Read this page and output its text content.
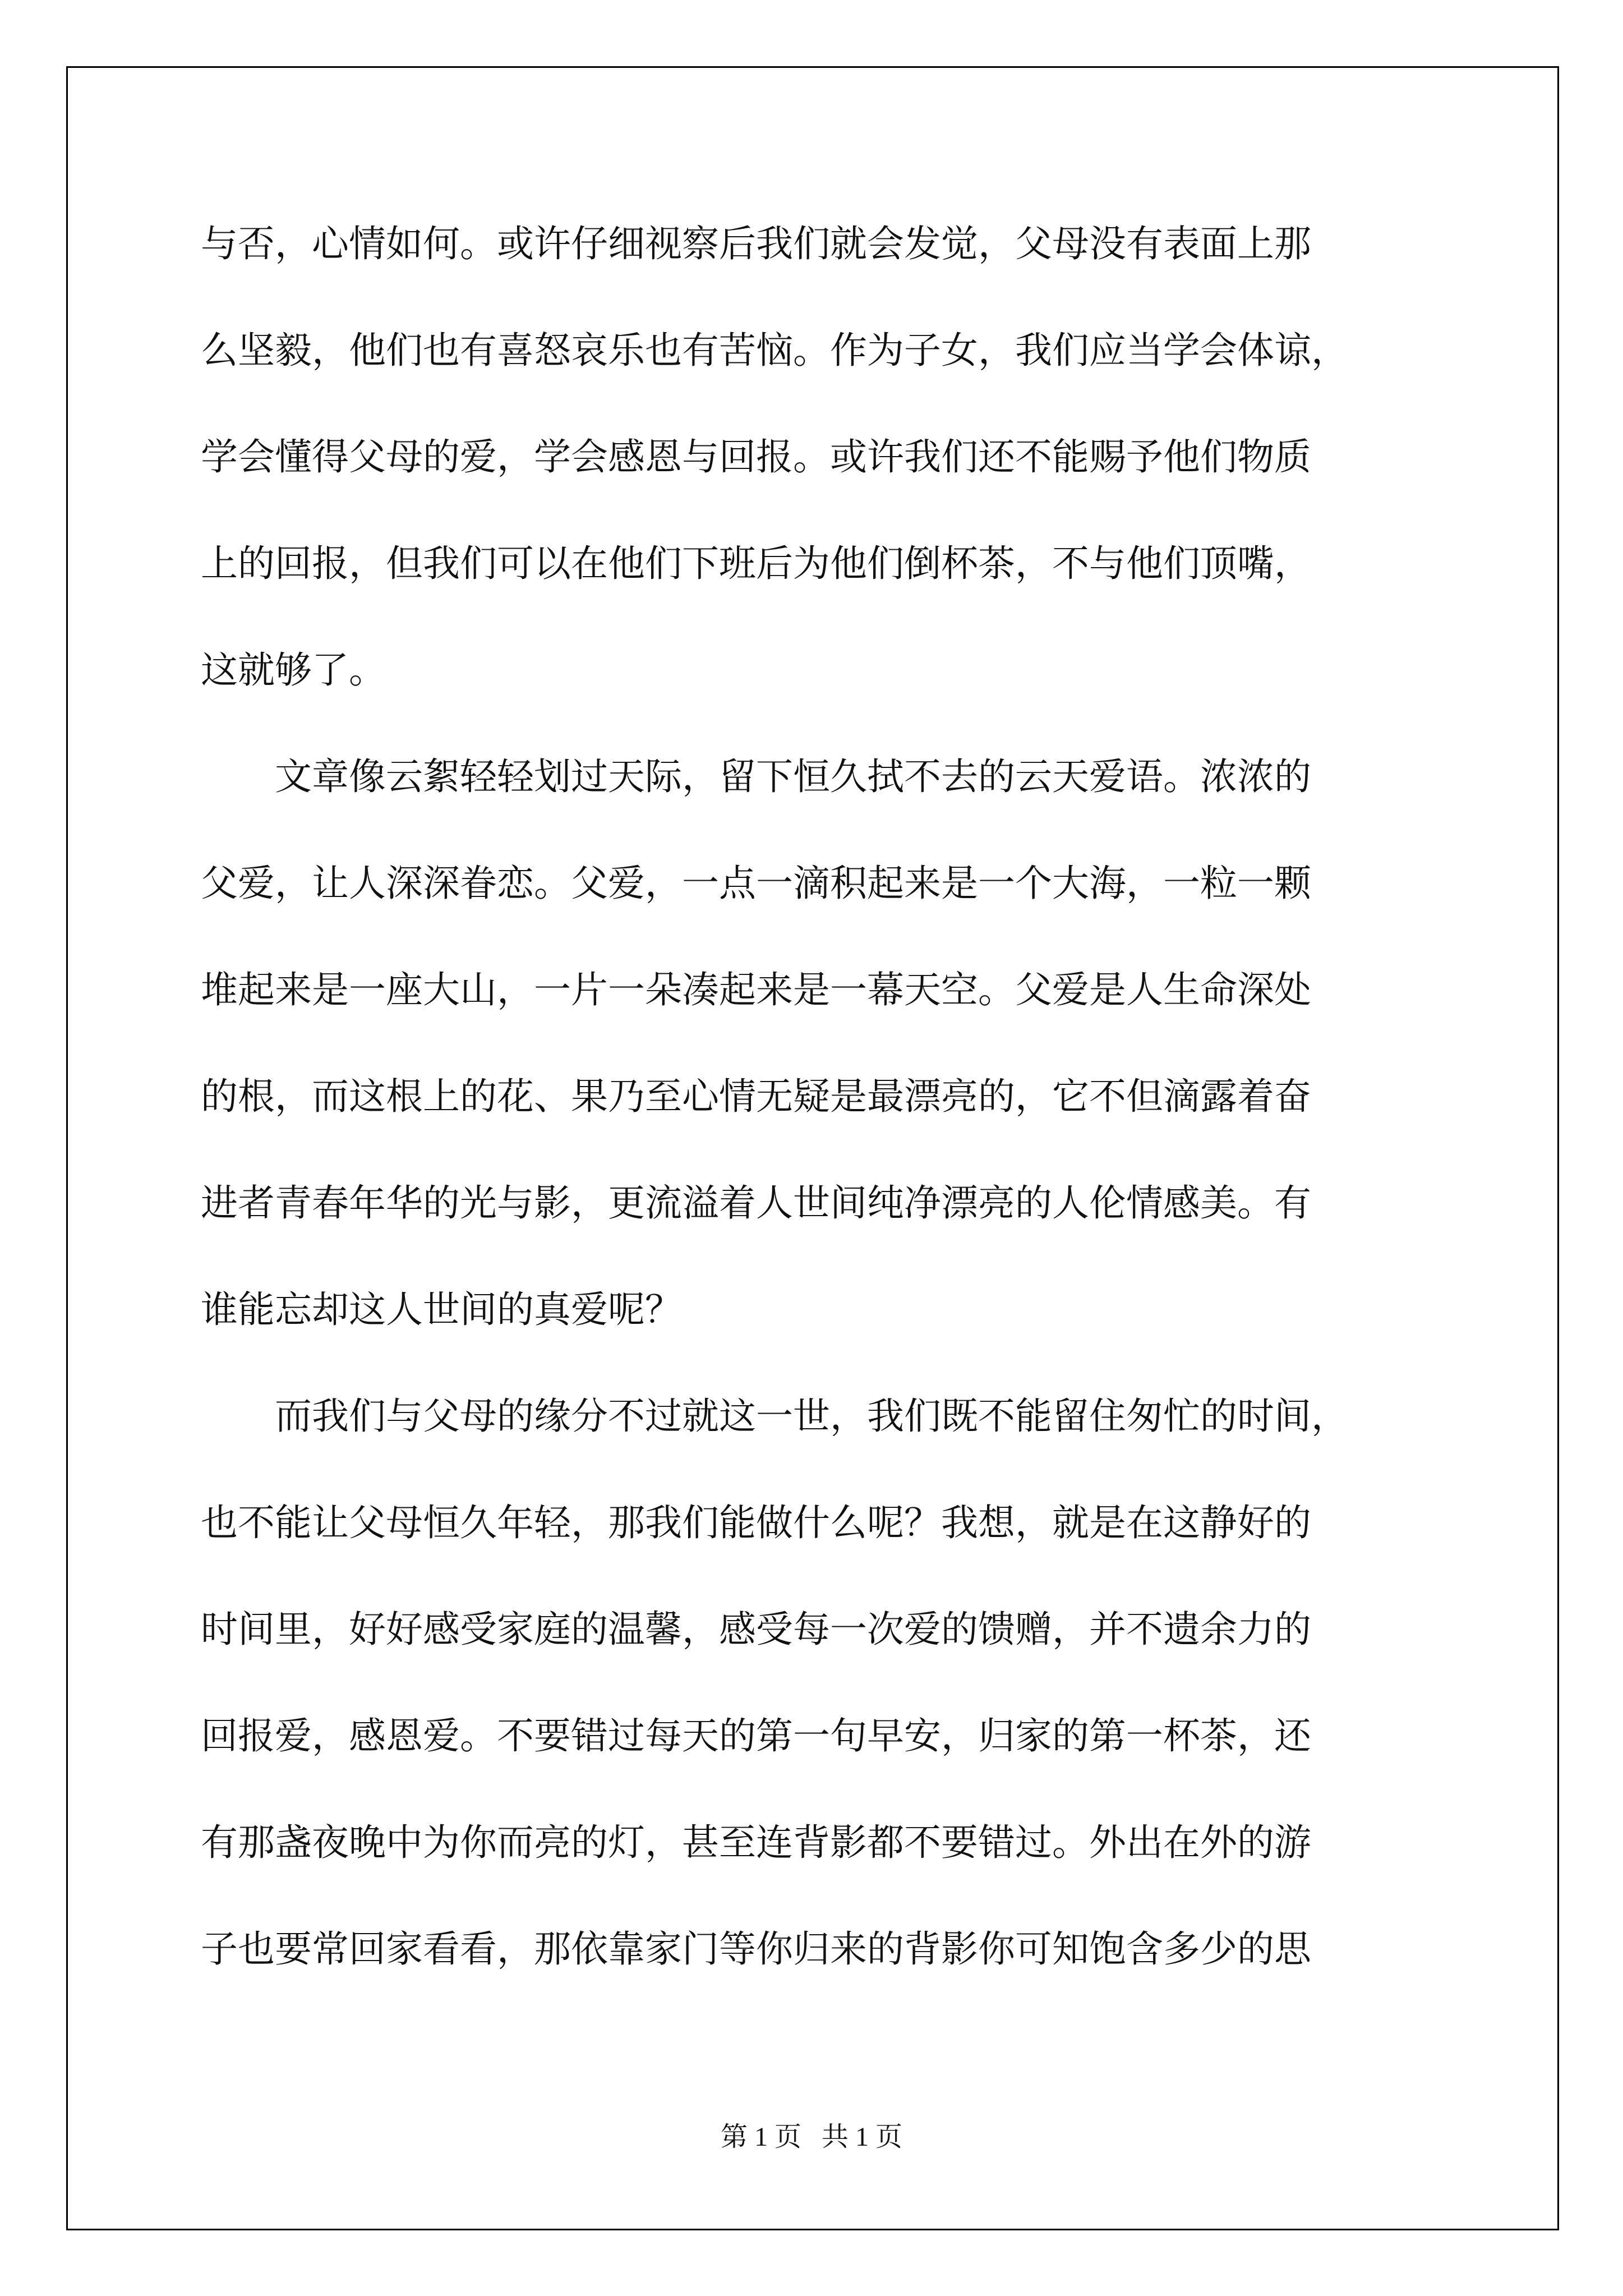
与否，心情如何。或许仔细视察后我们就会发觉，父母没有表面上那
么坚毅，他们也有喜怒哀乐也有苦恼。作为子女，我们应当学会体谅，
学会懂得父母的爱，学会感恩与回报。或许我们还不能赐予他们物质
上的回报，但我们可以在他们下班后为他们倒杯茶，不与他们顶嘴，
这就够了。
　　文章像云絮轻轻划过天际，留下恒久拭不去的云天爱语。浓浓的
父爱，让人深深眷恋。父爱，一点一滴积起来是一个大海，一粒一颗
堆起来是一座大山，一片一朵凑起来是一幕天空。父爱是人生命深处
的根，而这根上的花、果乃至心情无疑是最漂亮的，它不但滴露着奋
进者青春年华的光与影，更流溢着人世间纯净漂亮的人伦情感美。有
谁能忘却这人世间的真爱呢？
　　而我们与父母的缘分不过就这一世，我们既不能留住匆忙的时间，
也不能让父母恒久年轻，那我们能做什么呢？我想，就是在这静好的
时间里，好好感受家庭的温馨，感受每一次爱的馈赠，并不遗余力的
回报爱，感恩爱。不要错过每天的第一句早安，归家的第一杯茶，还
有那盏夜晚中为你而亮的灯，甚至连背影都不要错过。外出在外的游
子也要常回家看看，那依靠家门等你归来的背影你可知饱含多少的思
第 1 页   共 1 页
